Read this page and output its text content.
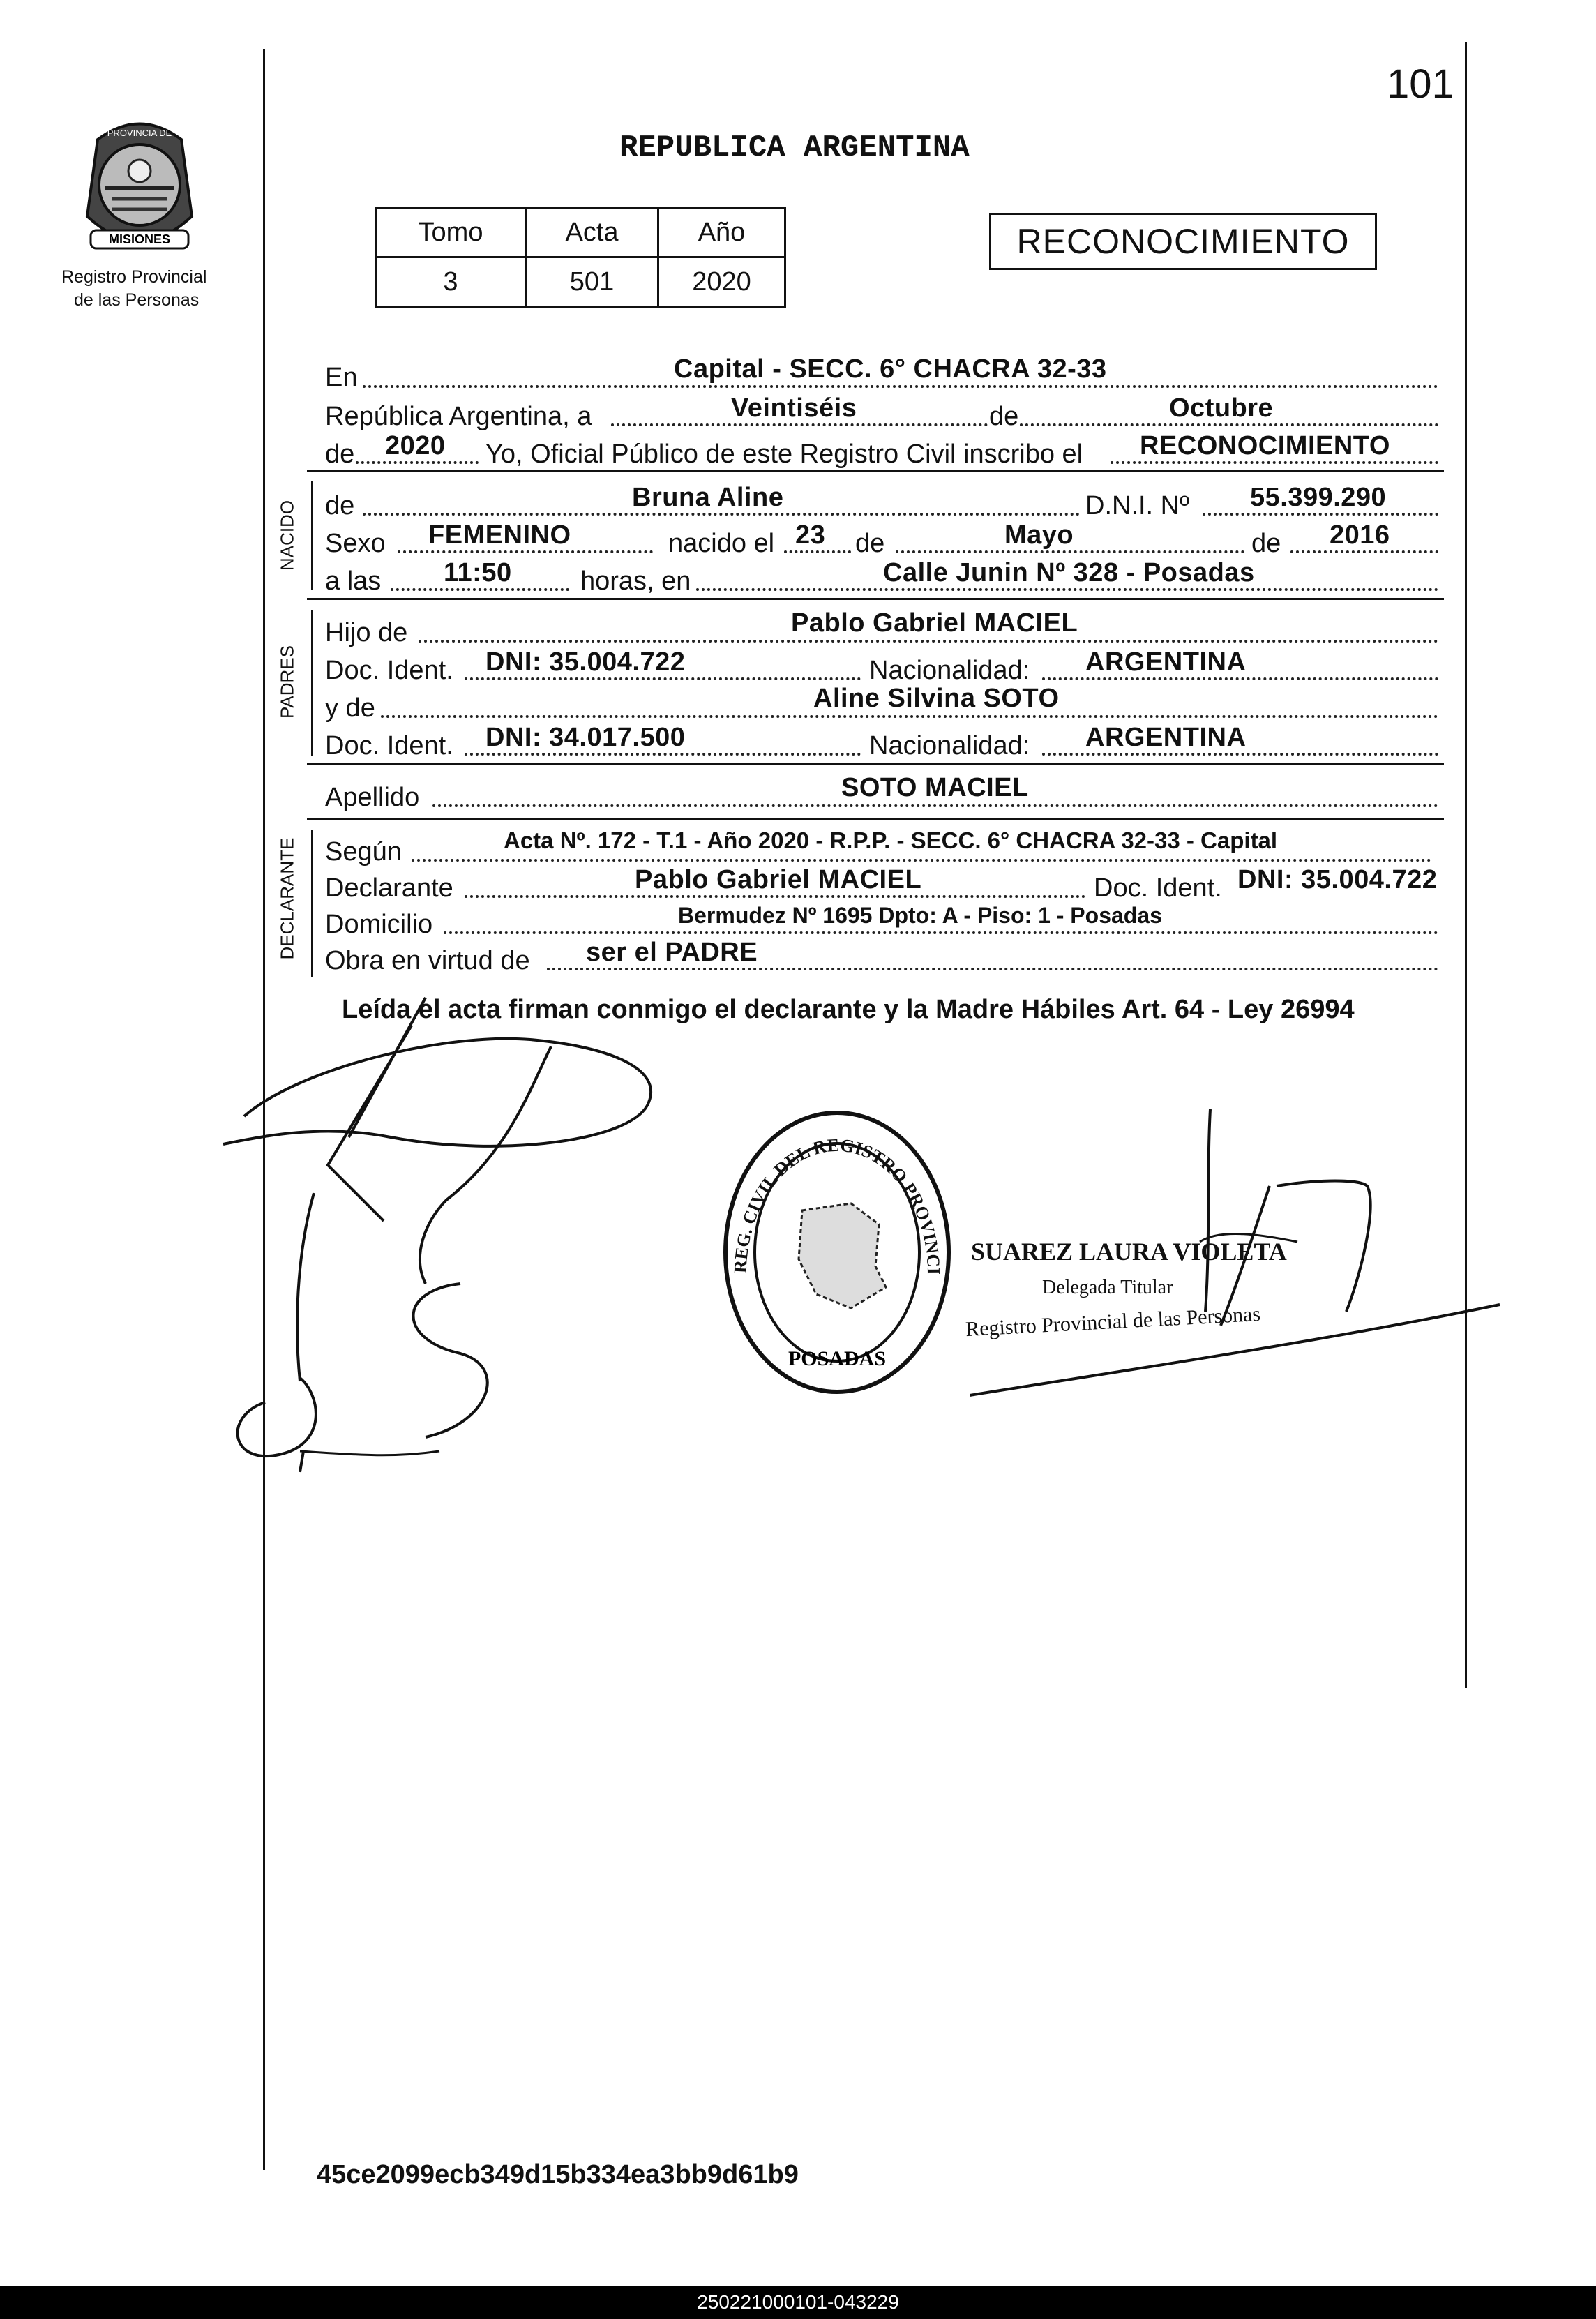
101
MISIONES
PROVINCIA DE
Registro Provincial
de las Personas
REPUBLICA ARGENTINA
Tomo	Acta	Año
3	501	2020
RECONOCIMIENTO
En	Capital - SECC. 6° CHACRA 32-33
República Argentina, a	Veintiséis	de	Octubre
de 2020 Yo, Oficial Público de este Registro Civil inscribo el RECONOCIMIENTO
NACIDO de	Bruna Aline	D.N.I. Nº 55.399.290
Sexo FEMENINO	nacido el 23 de	Mayo	de 2016
a las 11:50	horas, en	Calle Junin Nº 328 - Posadas
PADRES
Hijo de	Pablo Gabriel MACIEL
Doc. Ident. DNI: 35.004.722	Nacionalidad: ARGENTINA
y de	Aline Silvina SOTO
Doc. Ident. DNI: 34.017.500	Nacionalidad: ARGENTINA
Apellido	SOTO MACIEL
DECLARANTE Según	Acta Nº. 172 - T.1 - Año 2020 - R.P.P. - SECC. 6° CHACRA 32-33 - Capital
Declarante	Pablo Gabriel MACIEL	Doc. Ident. DNI: 35.004.722
Domicilio	Bermudez Nº 1695 Dpto: A - Piso: 1 - Posadas
Obra en virtud de ser el PADRE
Leída el acta firman conmigo el declarante y la Madre Hábiles Art. 64 - Ley 26994
REG. CIVIL DEL REGISTRO PROVINCI
POSADAS
SUAREZ LAURA VIOLETA
Delegada Titular
Registro Provincial de las Personas
45ce2099ecb349d15b334ea3bb9d61b9
250221000101-043229
